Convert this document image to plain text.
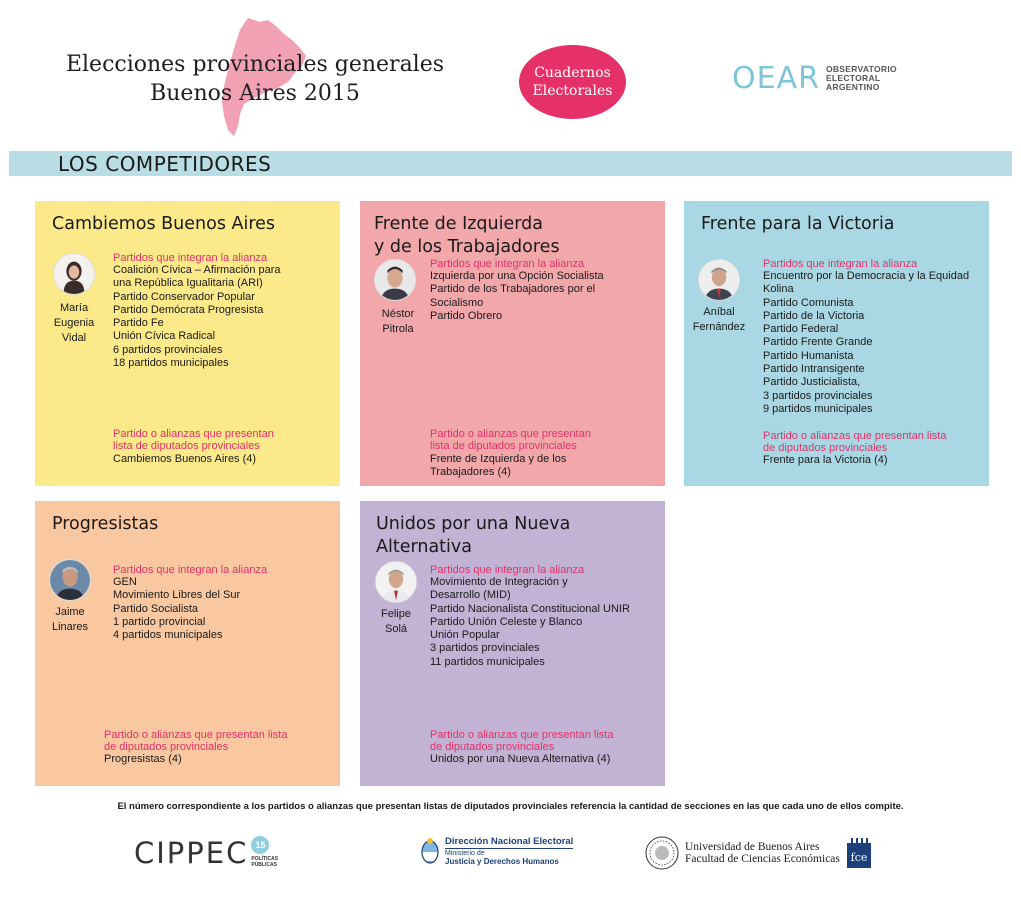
Elecciones provinciales generales
Buenos Aires 2015
Cuadernos
Electorales	OEAR OBSERVATORIO
ELECTORAL
ARGENTINO
LOS COMPETIDORES
Cambiemos Buenos Aires
María
Eugenia
Vidal
Partidos que integran la alianza
Coalición Cívica – Afirmación para
una República Igualitaria (ARI)
Partido Conservador Popular
Partido Demócrata Progresista
Partido Fe
Unión Cívica Radical
6 partidos provinciales
18 partidos municipales
Partido o alianzas que presentan
lista de diputados provinciales
Cambiemos Buenos Aires (4)
Frente de Izquierda
y de los Trabajadores
Néstor
Pitrola
Partidos que integran la alianza
Izquierda por una Opción Socialista
Partido de los Trabajadores por el
Socialismo
Partido Obrero
Partido o alianzas que presentan
lista de diputados provinciales
Frente de Izquierda y de los
Trabajadores (4)
Frente para la Victoria
Aníbal
Fernández
Partidos que integran la alianza
Encuentro por la Democracia y la Equidad
Kolina
Partido Comunista
Partido de la Victoria
Partido Federal
Partido Frente Grande
Partido Humanista
Partido Intransigente
Partido Justicialista,
3 partidos provinciales
9 partidos municipales
Partido o alianzas que presentan lista
de diputados provinciales
Frente para la Victoria (4)
Progresistas
Jaime
Linares
Partidos que integran la alianza
GEN
Movimiento Libres del Sur
Partido Socialista
1 partido provincial
4 partidos municipales
Partido o alianzas que presentan lista
de diputados provinciales
Progresistas (4)
Unidos por una Nueva
Alternativa
Felipe
Solá
Partidos que integran la alianza
Movimiento de Integración y
Desarrollo (MID)
Partido Nacionalista Constitucional UNIR
Partido Unión Celeste y Blanco
Unión Popular
3 partidos provinciales
11 partidos municipales
Partido o alianzas que presentan lista
de diputados provinciales
Unidos por una Nueva Alternativa (4)
El número correspondiente a los partidos o alianzas que presentan listas de diputados provinciales referencia la cantidad de secciones en las que cada uno de ellos compite.
CIPPEC 15
POLÍTICAS
PÚBLICAS
Dirección Nacional Electoral
Ministerio de
Justicia y Derechos Humanos
Universidad de Buenos Aires
Facultad de Ciencias Económicas fce
